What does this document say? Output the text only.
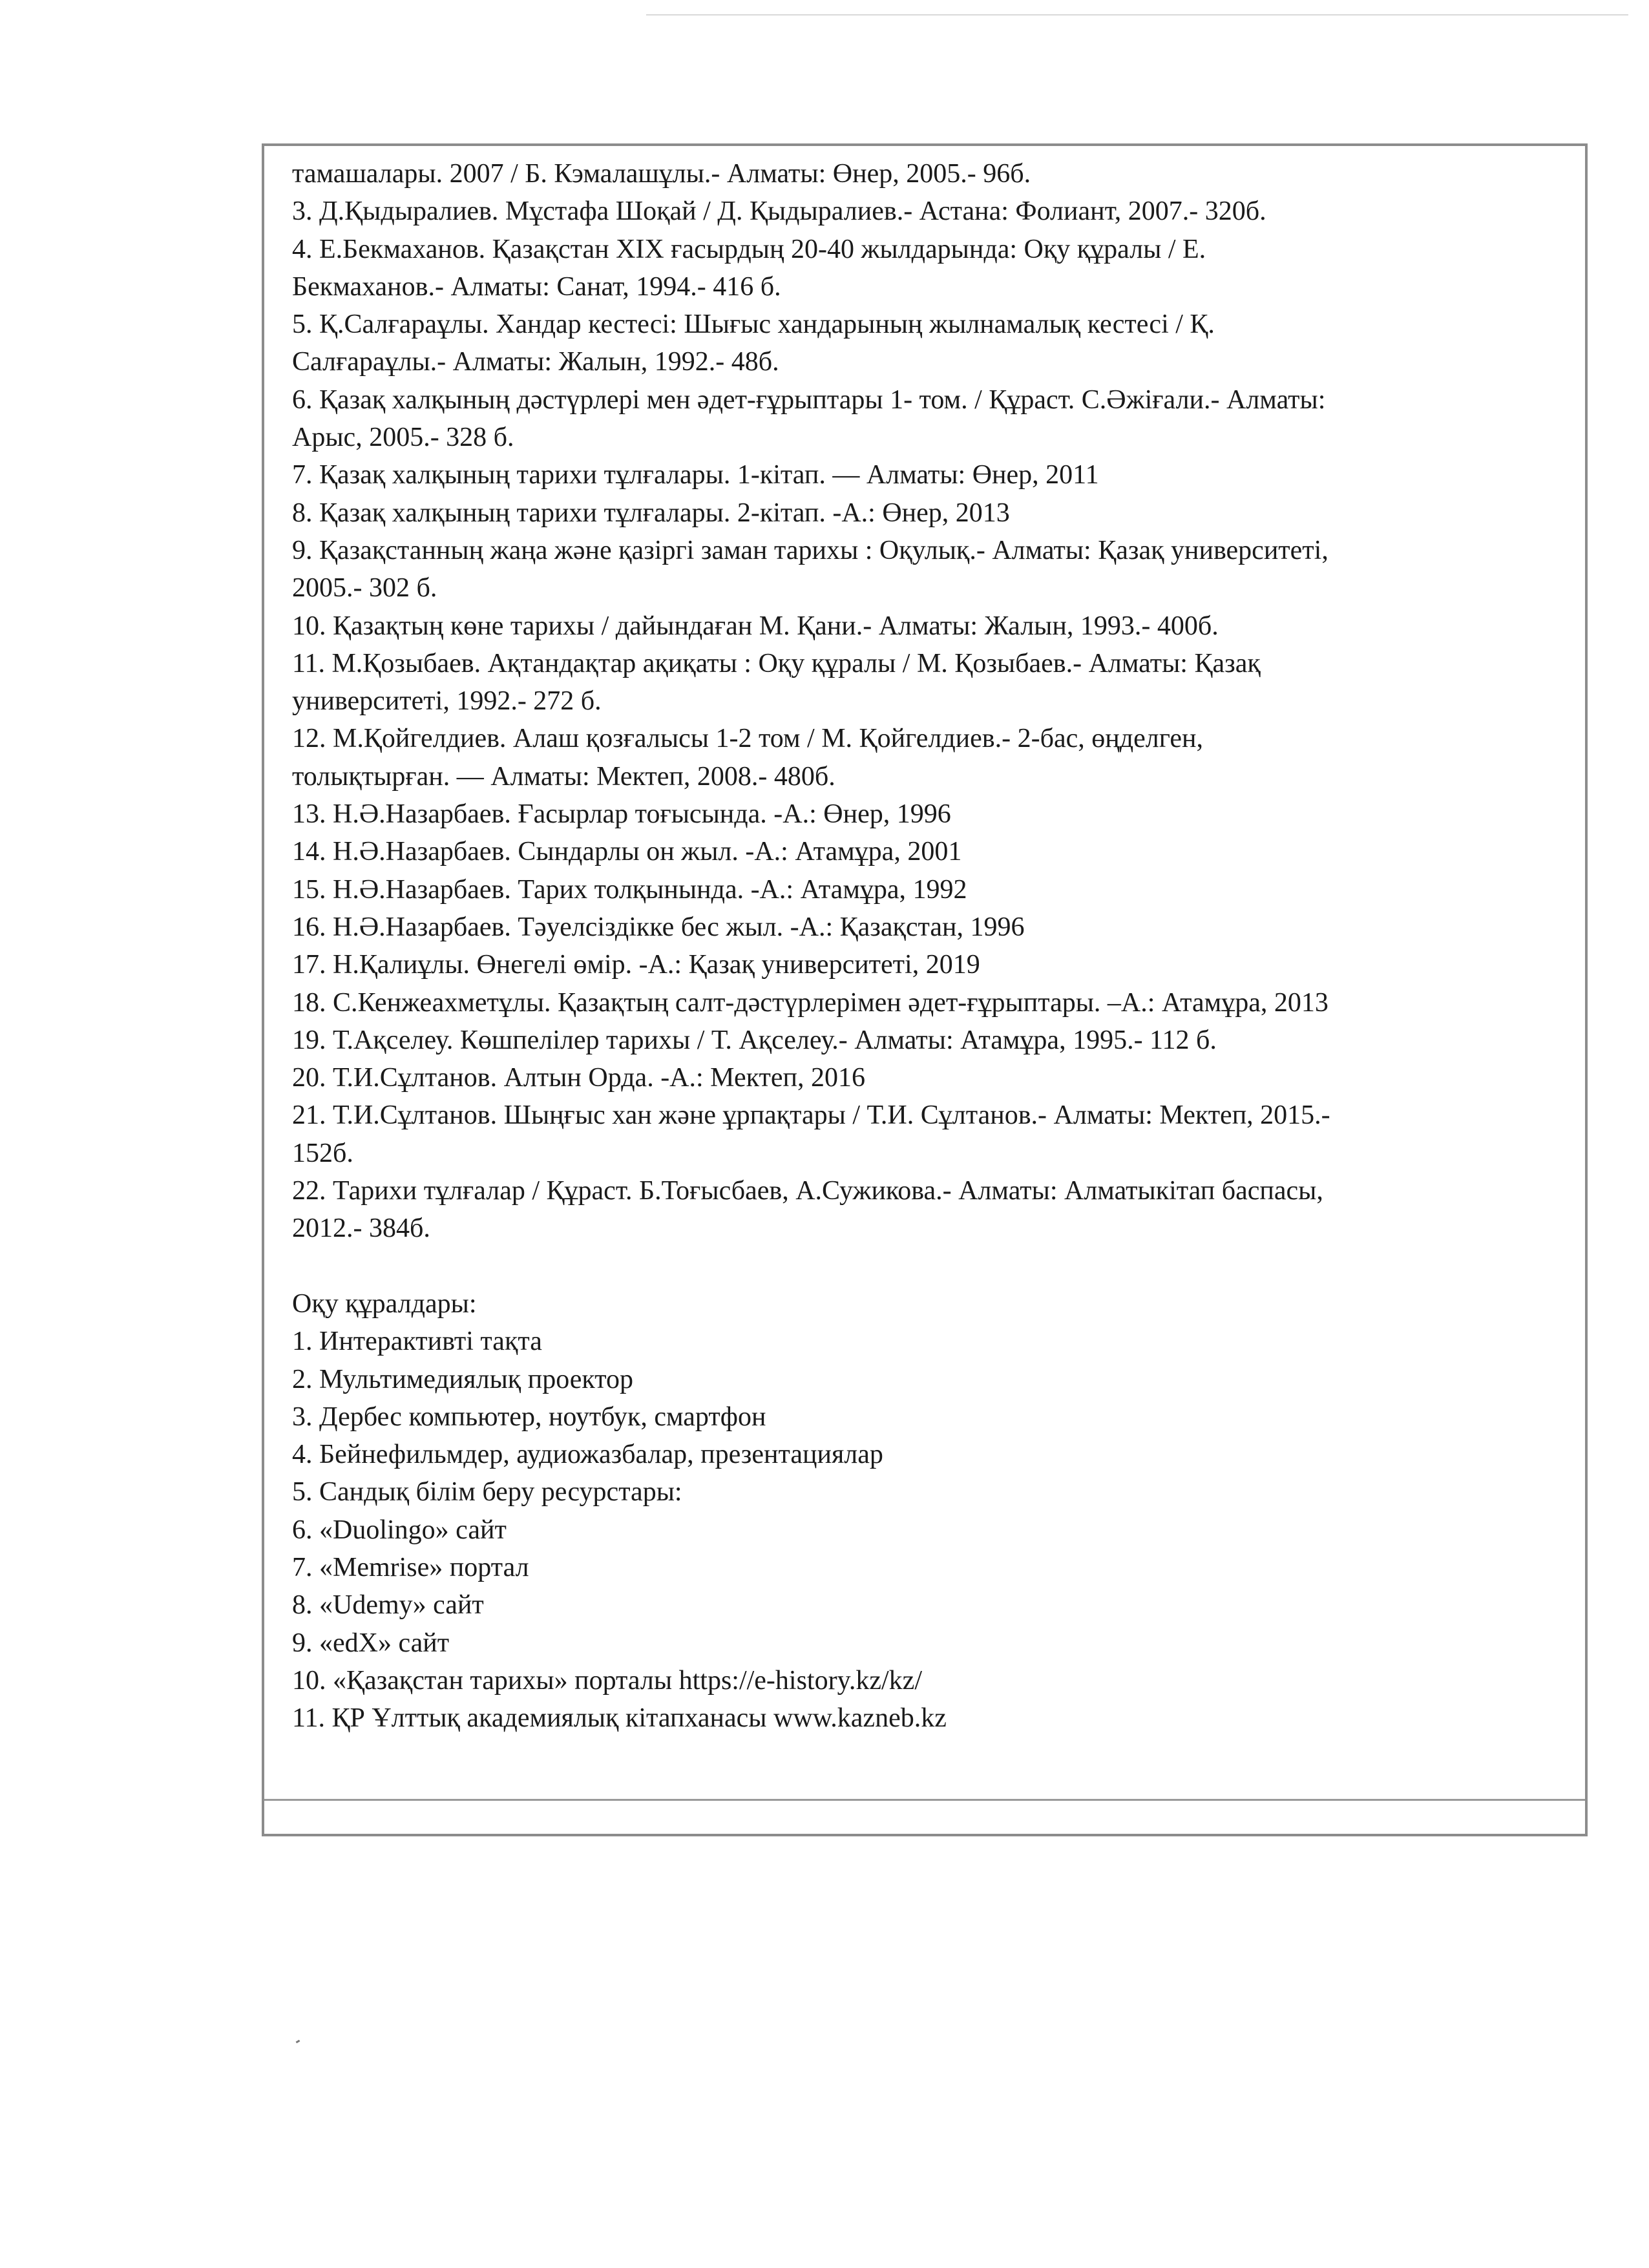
тамашалары. 2007 / Б. Кэмалашұлы.- Алматы: Өнер, 2005.- 96б.
3. Д.Қыдыралиев. Мұстафа Шоқай / Д. Қыдыралиев.- Астана: Фолиант, 2007.- 320б.
4. Е.Бекмаханов. Қазақстан XIX ғасырдың 20-40 жылдарында: Оқу құралы / Е.
Бекмаханов.- Алматы: Санат, 1994.- 416 б.
5. Қ.Салғараұлы. Хандар кестесі: Шығыс хандарының жылнамалық кестесі / Қ.
Салғараұлы.- Алматы: Жалын, 1992.- 48б.
6. Қазақ халқының дәстүрлері мен әдет-ғұрыптары 1- том. / Құраст. С.Әжіғали.- Алматы:
Арыс, 2005.- 328 б.
7. Қазақ халқының тарихи тұлғалары. 1-кітап. — Алматы: Өнер, 2011
8. Қазақ халқының тарихи тұлғалары. 2-кітап. -А.: Өнер, 2013
9. Қазақстанның жаңа және қазіргі заман тарихы : Оқулық.- Алматы: Қазақ университеті,
2005.- 302 б.
10. Қазақтың көне тарихы / дайындаған М. Қани.- Алматы: Жалын, 1993.- 400б.
11. М.Қозыбаев. Ақтандақтар ақиқаты : Оқу құралы / М. Қозыбаев.- Алматы: Қазақ
университеті, 1992.- 272 б.
12. М.Қойгелдиев. Алаш қозғалысы 1-2 том / М. Қойгелдиев.- 2-бас, өңделген,
толықтырған. — Алматы: Мектеп, 2008.- 480б.
13. Н.Ә.Назарбаев. Ғасырлар тоғысында. -А.: Өнер, 1996
14. Н.Ә.Назарбаев. Сындарлы он жыл. -А.: Атамұра, 2001
15. Н.Ә.Назарбаев. Тарих толқынында. -А.: Атамұра, 1992
16. Н.Ә.Назарбаев. Тәуелсіздікке бес жыл. -А.: Қазақстан, 1996
17. Н.Қалиұлы. Өнегелі өмір. -А.: Қазақ университеті, 2019
18. С.Кенжеахметұлы. Қазақтың салт-дәстүрлерімен әдет-ғұрыптары. –А.: Атамұра, 2013
19. Т.Ақселеу. Көшпелілер тарихы / Т. Ақселеу.- Алматы: Атамұра, 1995.- 112 б.
20. Т.И.Сұлтанов. Алтын Орда. -А.: Мектеп, 2016
21. Т.И.Сұлтанов. Шыңғыс хан және ұрпақтары / Т.И. Сұлтанов.- Алматы: Мектеп, 2015.-
152б.
22. Тарихи тұлғалар / Құраст. Б.Тоғысбаев, А.Сужикова.- Алматы: Алматыкітап баспасы,
2012.- 384б.
Оқу құралдары:
1. Интерактивті тақта
2. Мультимедиялық проектор
3. Дербес компьютер, ноутбук, смартфон
4. Бейнефильмдер, аудиожазбалар, презентациялар
5. Сандық білім беру ресурстары:
6. «Duolingo» сайт
7. «Memrise» портал
8. «Udemy» сайт
9. «edX» сайт
10. «Қазақстан тарихы» порталы https://e-history.kz/kz/
11. ҚР Ұлттық академиялық кітапханасы www.kazneb.kz
